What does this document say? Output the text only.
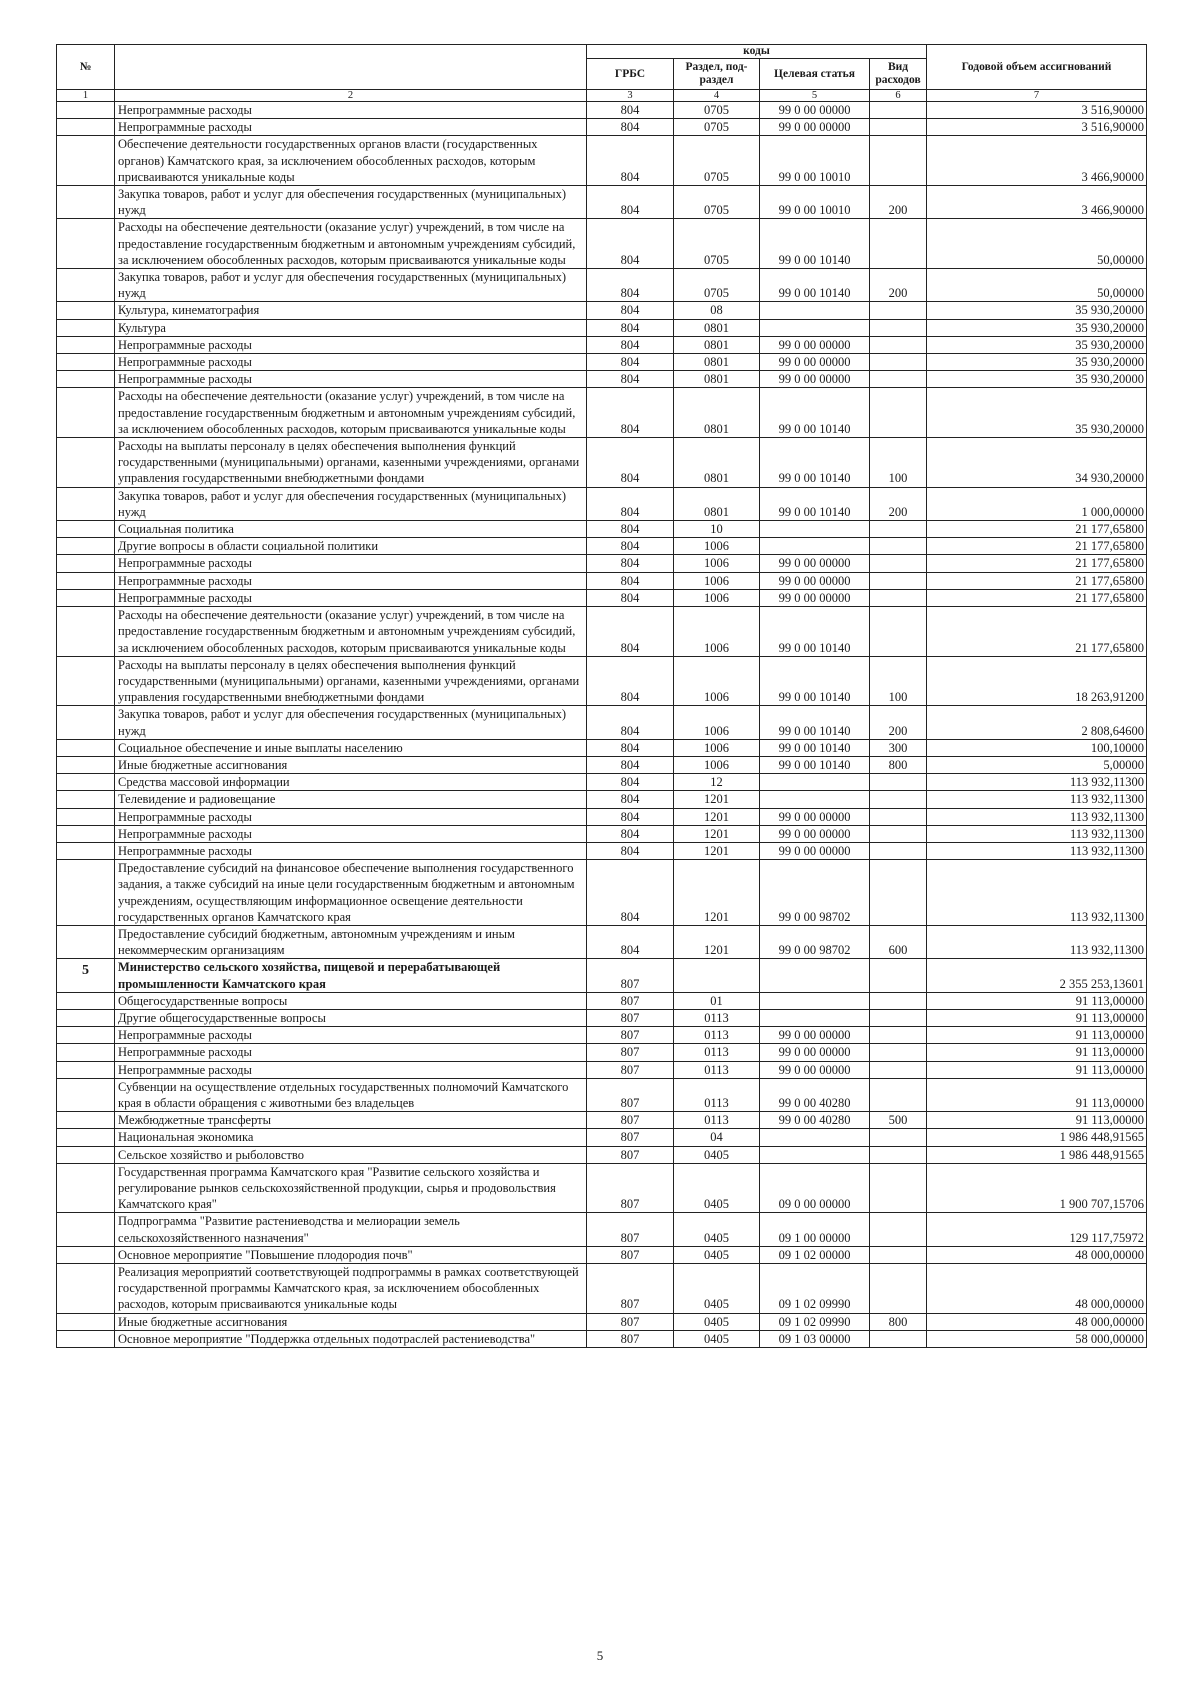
№		коды				Годовой объем ассигнований
		ГРБС	Раздел, под-раздел	Целевая статья	Вид расходов	
1	2	3	4	5	6	7
	Непрограммные расходы	804	0705	99 0 00 00000		3 516,90000
	Непрограммные расходы	804	0705	99 0 00 00000		3 516,90000
	Обеспечение деятельности государственных органов власти (государственных органов) Камчатского края, за исключением обособленных расходов, которым присваиваются уникальные коды	804	0705	99 0 00 10010		3 466,90000
	Закупка товаров, работ и услуг для обеспечения государственных (муниципальных) нужд	804	0705	99 0 00 10010	200	3 466,90000
	Расходы на обеспечение деятельности (оказание услуг) учреждений, в том числе на предоставление государственным бюджетным и автономным учреждениям субсидий, за исключением обособленных расходов, которым присваиваются уникальные коды	804	0705	99 0 00 10140		50,00000
	Закупка товаров, работ и услуг для обеспечения государственных (муниципальных) нужд	804	0705	99 0 00 10140	200	50,00000
	Культура, кинематография	804	08			35 930,20000
	Культура	804	0801			35 930,20000
	Непрограммные расходы	804	0801	99 0 00 00000		35 930,20000
	Непрограммные расходы	804	0801	99 0 00 00000		35 930,20000
	Непрограммные расходы	804	0801	99 0 00 00000		35 930,20000
	Расходы на обеспечение деятельности (оказание услуг) учреждений, в том числе на предоставление государственным бюджетным и автономным учреждениям субсидий, за исключением обособленных расходов, которым присваиваются уникальные коды	804	0801	99 0 00 10140		35 930,20000
	Расходы на выплаты персоналу в целях обеспечения выполнения функций государственными (муниципальными) органами, казенными учреждениями, органами управления государственными внебюджетными фондами	804	0801	99 0 00 10140	100	34 930,20000
	Закупка товаров, работ и услуг для обеспечения государственных (муниципальных) нужд	804	0801	99 0 00 10140	200	1 000,00000
	Социальная политика	804	10			21 177,65800
	Другие вопросы в области социальной политики	804	1006			21 177,65800
	Непрограммные расходы	804	1006	99 0 00 00000		21 177,65800
	Непрограммные расходы	804	1006	99 0 00 00000		21 177,65800
	Непрограммные расходы	804	1006	99 0 00 00000		21 177,65800
	Расходы на обеспечение деятельности (оказание услуг) учреждений, в том числе на предоставление государственным бюджетным и автономным учреждениям субсидий, за исключением обособленных расходов, которым присваиваются уникальные коды	804	1006	99 0 00 10140		21 177,65800
	Расходы на выплаты персоналу в целях обеспечения выполнения функций государственными (муниципальными) органами, казенными учреждениями, органами управления государственными внебюджетными фондами	804	1006	99 0 00 10140	100	18 263,91200
	Закупка товаров, работ и услуг для обеспечения государственных (муниципальных) нужд	804	1006	99 0 00 10140	200	2 808,64600
	Социальное обеспечение и иные выплаты населению	804	1006	99 0 00 10140	300	100,10000
	Иные бюджетные ассигнования	804	1006	99 0 00 10140	800	5,00000
	Средства массовой информации	804	12			113 932,11300
	Телевидение и радиовещание	804	1201			113 932,11300
	Непрограммные расходы	804	1201	99 0 00 00000		113 932,11300
	Непрограммные расходы	804	1201	99 0 00 00000		113 932,11300
	Непрограммные расходы	804	1201	99 0 00 00000		113 932,11300
	Предоставление субсидий на финансовое обеспечение выполнения государственного задания, а также субсидий на иные цели государственным бюджетным и автономным учреждениям, осуществляющим информационное освещение деятельности государственных органов Камчатского края	804	1201	99 0 00 98702		113 932,11300
	Предоставление субсидий бюджетным, автономным учреждениям и иным некоммерческим организациям	804	1201	99 0 00 98702	600	113 932,11300
5	Министерство сельского хозяйства, пищевой и перерабатывающей промышленности Камчатского края	807				2 355 253,13601
	Общегосударственные вопросы	807	01			91 113,00000
	Другие общегосударственные вопросы	807	0113			91 113,00000
	Непрограммные расходы	807	0113	99 0 00 00000		91 113,00000
	Непрограммные расходы	807	0113	99 0 00 00000		91 113,00000
	Непрограммные расходы	807	0113	99 0 00 00000		91 113,00000
	Субвенции на осуществление отдельных государственных полномочий Камчатского края в области обращения с животными без владельцев	807	0113	99 0 00 40280		91 113,00000
	Межбюджетные трансферты	807	0113	99 0 00 40280	500	91 113,00000
	Национальная экономика	807	04			1 986 448,91565
	Сельское хозяйство и рыболовство	807	0405			1 986 448,91565
	Государственная программа Камчатского края "Развитие сельского хозяйства и регулирование рынков сельскохозяйственной продукции, сырья и продовольствия Камчатского края"	807	0405	09 0 00 00000		1 900 707,15706
	Подпрограмма "Развитие растениеводства и мелиорации земель сельскохозяйственного назначения"	807	0405	09 1 00 00000		129 117,75972
	Основное мероприятие "Повышение плодородия почв"	807	0405	09 1 02 00000		48 000,00000
	Реализация мероприятий соответствующей подпрограммы в рамках соответствующей государственной программы Камчатского края, за исключением обособленных расходов, которым присваиваются уникальные коды	807	0405	09 1 02 09990		48 000,00000
	Иные бюджетные ассигнования	807	0405	09 1 02 09990	800	48 000,00000
	Основное мероприятие "Поддержка отдельных подотраслей растениеводства"	807	0405	09 1 03 00000		58 000,00000
5
